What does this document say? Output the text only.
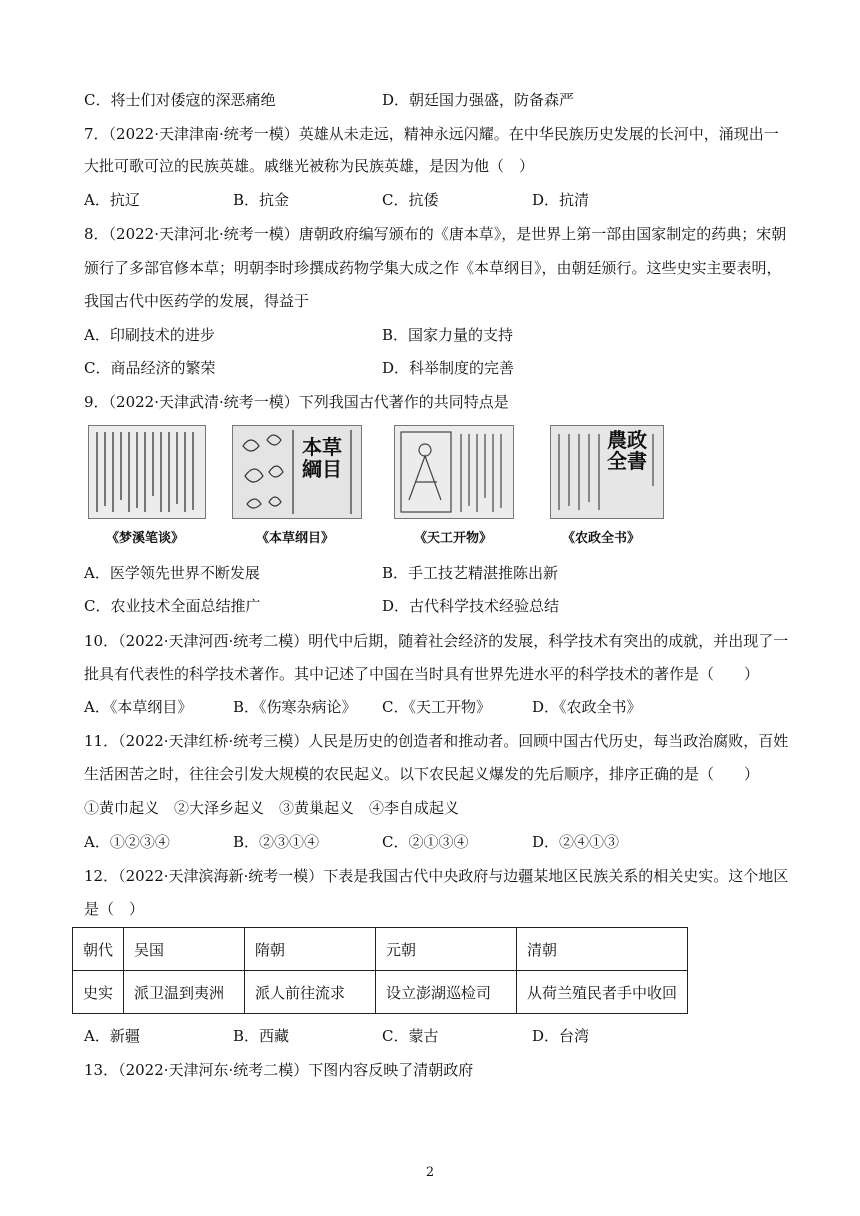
C．将士们对倭寇的深恶痛绝	D．朝廷国力强盛，防备森严
7．（2022·天津津南·统考一模）英雄从未走远，精神永远闪耀。在中华民族历史发展的长河中，涌现出一
大批可歌可泣的民族英雄。戚继光被称为民族英雄，是因为他（　）
A．抗辽	B．抗金	C．抗倭	D．抗清
8．（2022·天津河北·统考一模）唐朝政府编写颁布的《唐本草》，是世界上第一部由国家制定的药典；宋朝
颁行了多部官修本草；明朝李时珍撰成药物学集大成之作《本草纲目》，由朝廷颁行。这些史实主要表明，
我国古代中医药学的发展，得益于
A．印刷技术的进步	B．国家力量的支持
C．商品经济的繁荣	D．科举制度的完善
9．（2022·天津武清·统考一模）下列我国古代著作的共同特点是
本草綱目
農政全書
《梦溪笔谈》	《本草纲目》	《天工开物》	《农政全书》
A．医学领先世界不断发展	B．手工技艺精湛推陈出新
C．农业技术全面总结推广	D．古代科学技术经验总结
10．（2022·天津河西·统考二模）明代中后期，随着社会经济的发展，科学技术有突出的成就，并出现了一
批具有代表性的科学技术著作。其中记述了中国在当时具有世界先进水平的科学技术的著作是（　　）
A．《本草纲目》	B．《伤寒杂病论》 C．《天工开物》	D．《农政全书》
11．（2022·天津红桥·统考三模）人民是历史的创造者和推动者。回顾中国古代历史，每当政治腐败，百姓
生活困苦之时，往往会引发大规模的农民起义。以下农民起义爆发的先后顺序，排序正确的是（　　）
①黄巾起义　②大泽乡起义　③黄巢起义　④李自成起义
A．①②③④	B．②③①④	C．②①③④	D．②④①③
12．（2022·天津滨海新·统考一模）下表是我国古代中央政府与边疆某地区民族关系的相关史实。这个地区
是（　）
朝代	吴国	隋朝	元朝	清朝
史实	派卫温到夷洲	派人前往流求	设立澎湖巡检司	从荷兰殖民者手中收回
A．新疆	B．西藏	C．蒙古	D．台湾
13．（2022·天津河东·统考二模）下图内容反映了清朝政府
2
